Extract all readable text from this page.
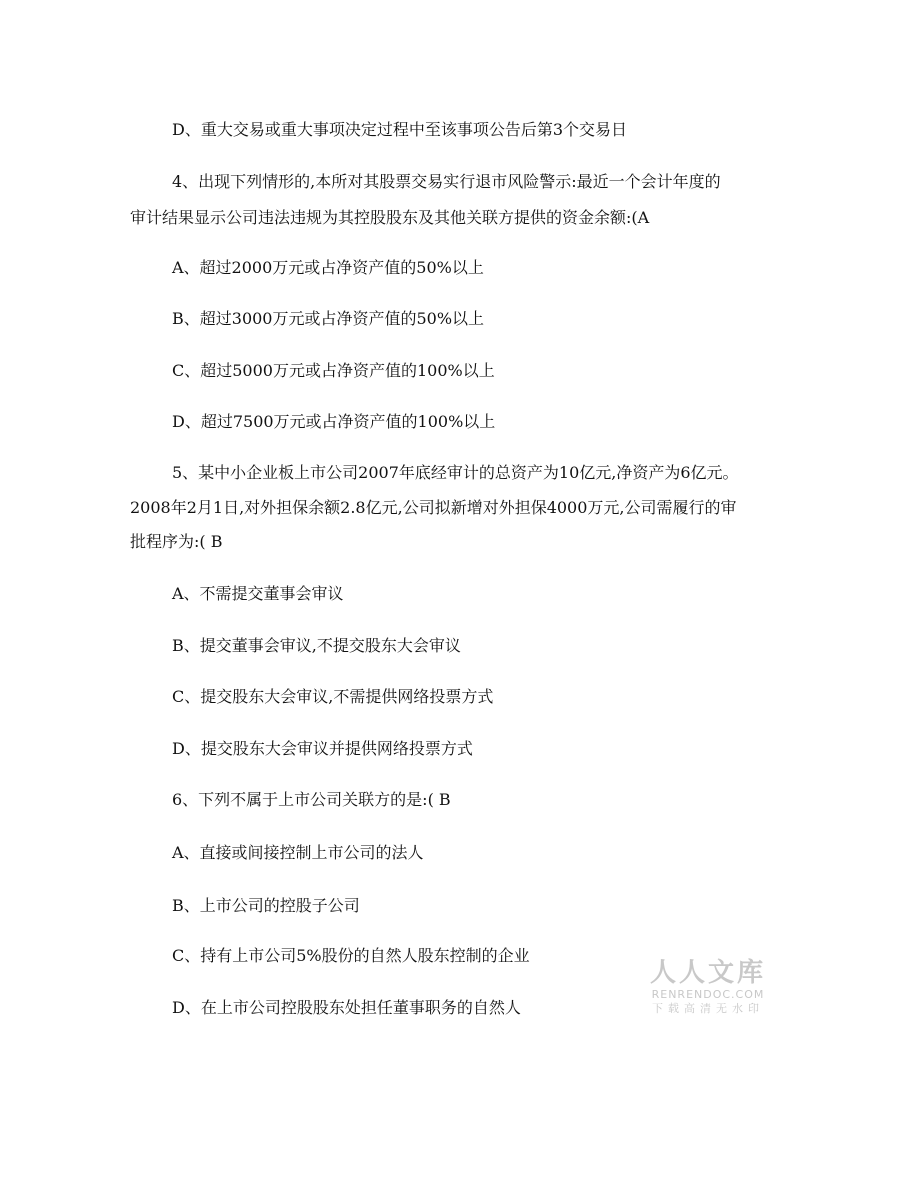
D、重大交易或重大事项决定过程中至该事项公告后第3个交易日

4、出现下列情形的,本所对其股票交易实行退市风险警示:最近一个会计年度的

审计结果显示公司违法违规为其控股股东及其他关联方提供的资金余额:(A

A、超过2000万元或占净资产值的50%以上

B、超过3000万元或占净资产值的50%以上

C、超过5000万元或占净资产值的100%以上

D、超过7500万元或占净资产值的100%以上

5、某中小企业板上市公司2007年底经审计的总资产为10亿元,净资产为6亿元。

2008年2月1日,对外担保余额2.8亿元,公司拟新增对外担保4000万元,公司需履行的审

批程序为:( B

A、不需提交董事会审议

B、提交董事会审议,不提交股东大会审议

C、提交股东大会审议,不需提供网络投票方式

D、提交股东大会审议并提供网络投票方式

6、下列不属于上市公司关联方的是:( B

A、直接或间接控制上市公司的法人

B、上市公司的控股子公司

C、持有上市公司5%股份的自然人股东控制的企业

D、在上市公司控股股东处担任董事职务的自然人

人人文库
RENRENDOC.COM
下载高清无水印
